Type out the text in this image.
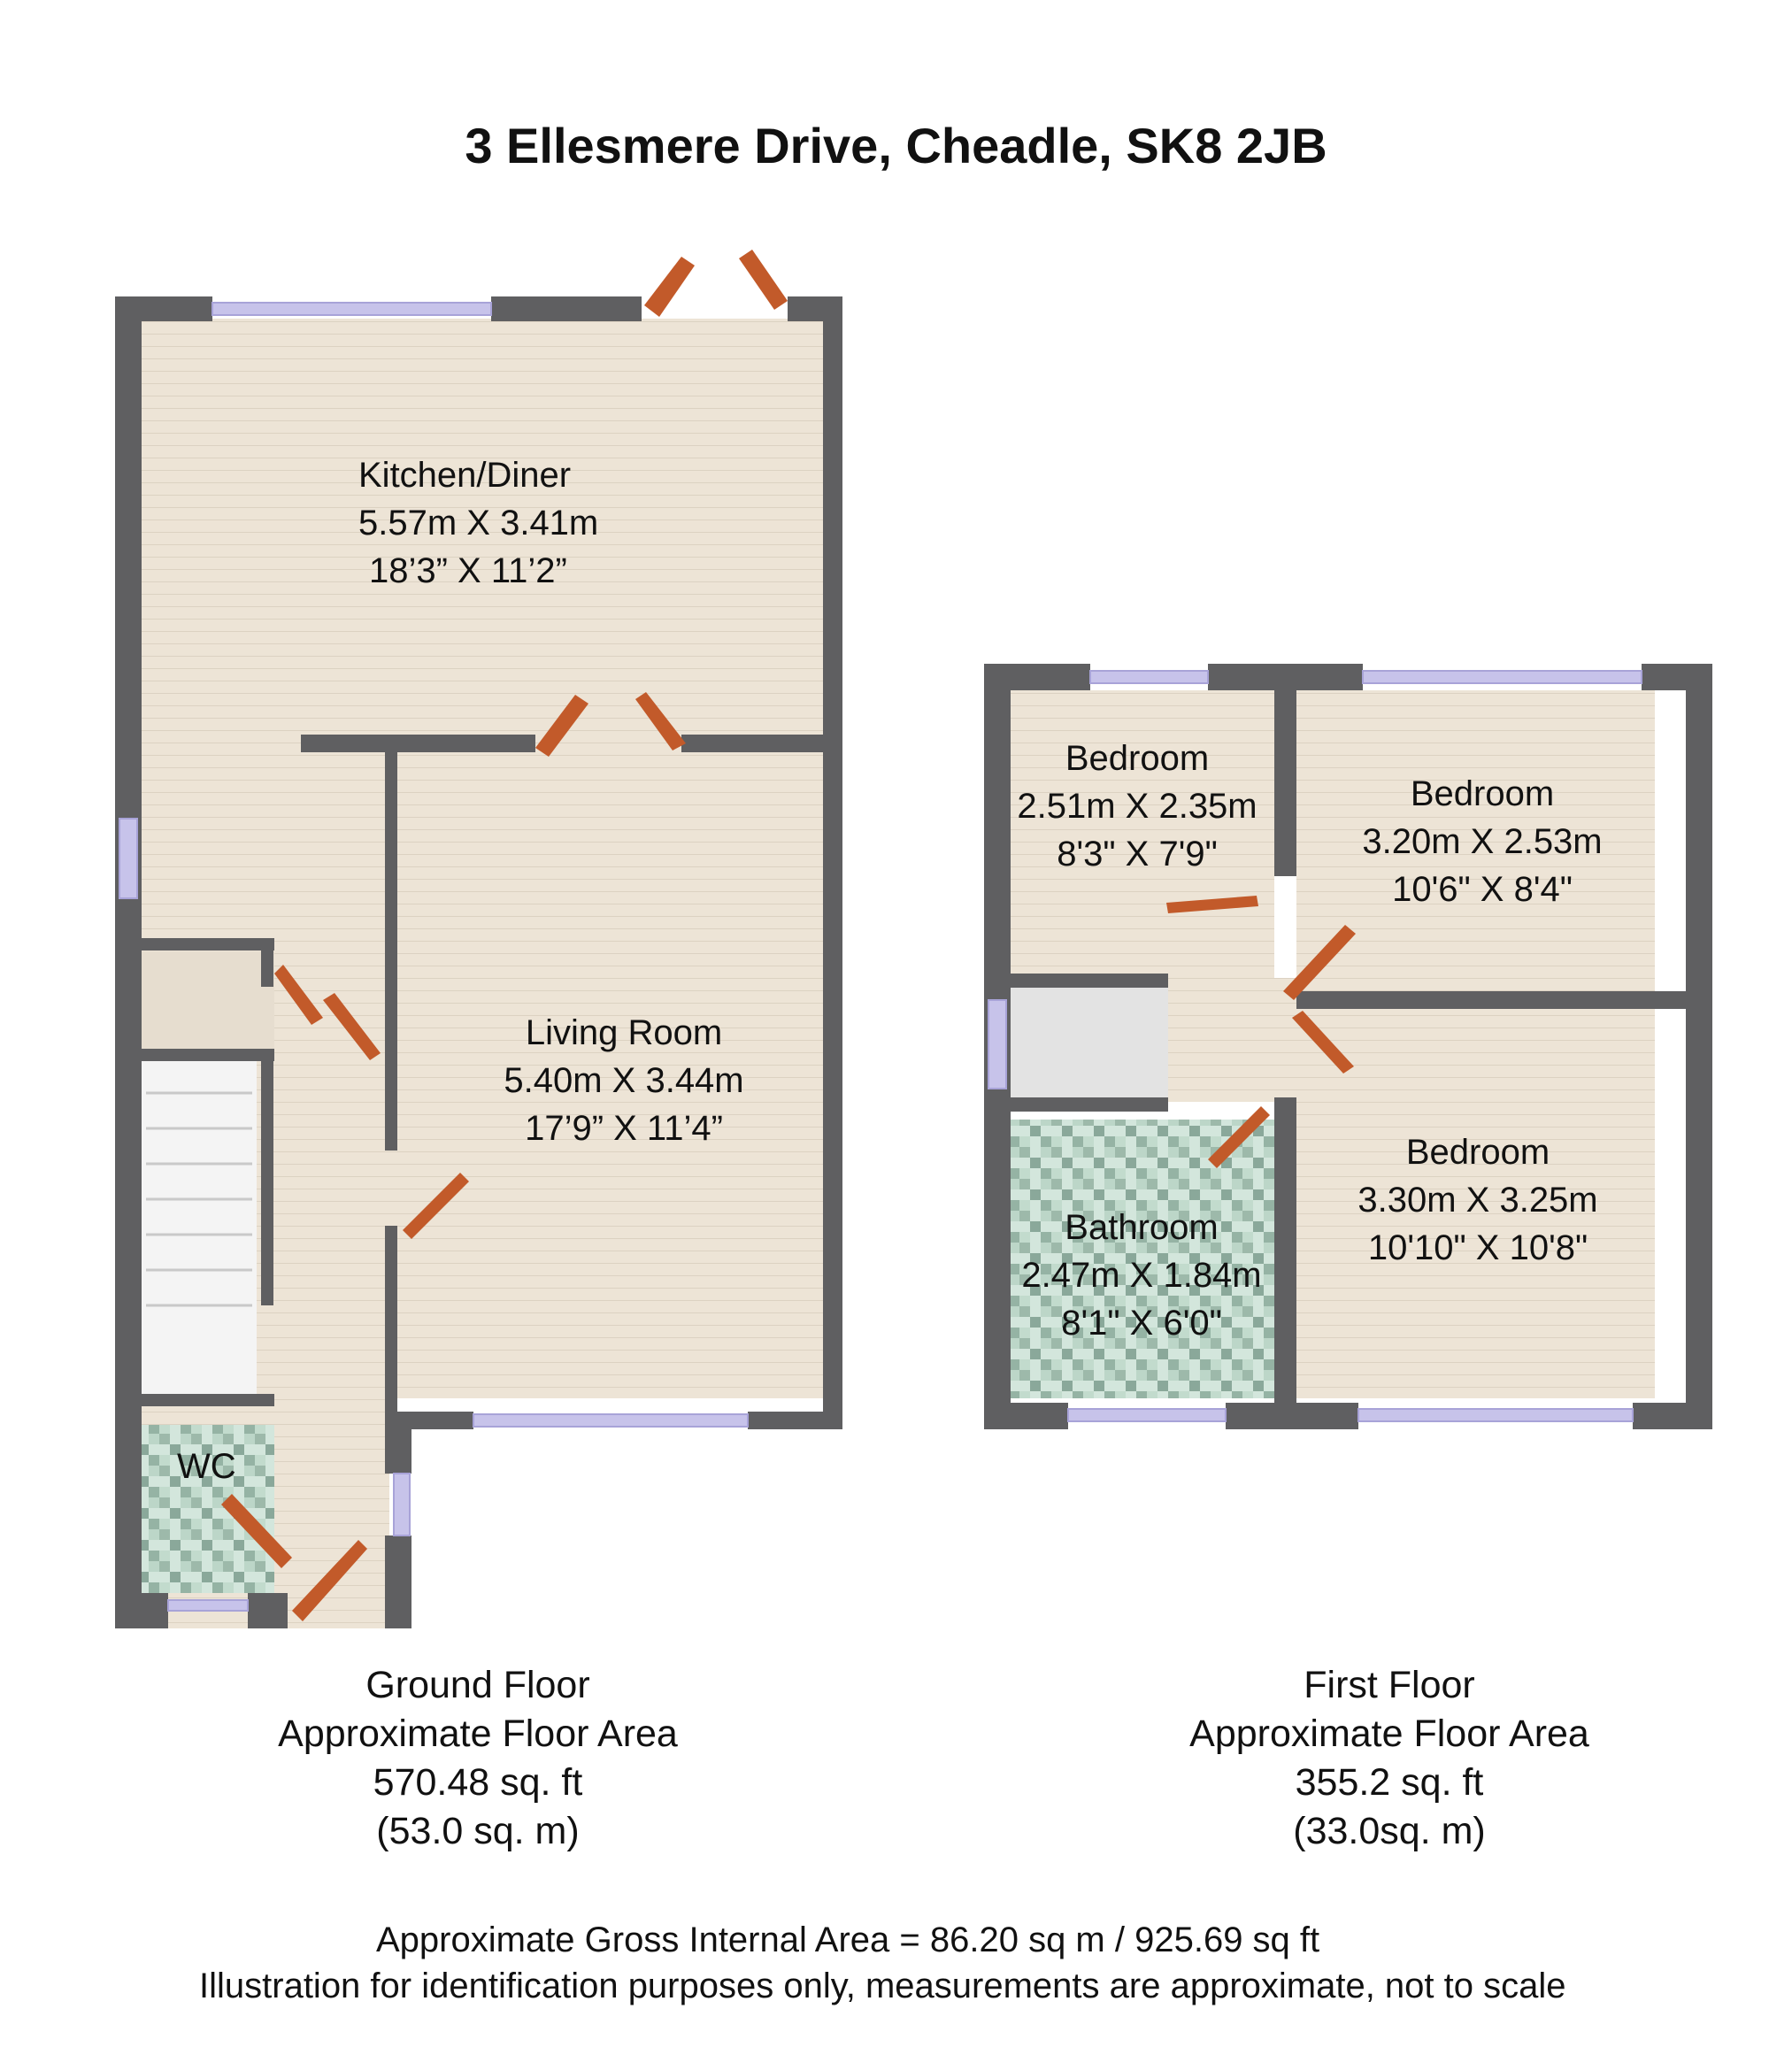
3 Ellesmere Drive, Cheadle, SK8 2JB
Kitchen/Diner
5.57m X 3.41m
18’3” X 11’2”
Living Room
5.40m X 3.44m
17’9” X 11’4”
WC
Bedroom
2.51m X 2.35m
8'3" X 7'9"
Bedroom
3.20m X 2.53m
10'6" X 8'4"
Bedroom
3.30m X 3.25m
10'10" X 10'8"
Bathroom
2.47m X 1.84m
8'1" X 6'0"
Ground Floor
Approximate Floor Area
570.48 sq. ft
(53.0 sq. m)
First Floor
Approximate Floor Area
355.2 sq. ft
(33.0sq. m)
Approximate Gross Internal Area = 86.20 sq m / 925.69 sq ft
Illustration for identification purposes only, measurements are approximate, not to scale
